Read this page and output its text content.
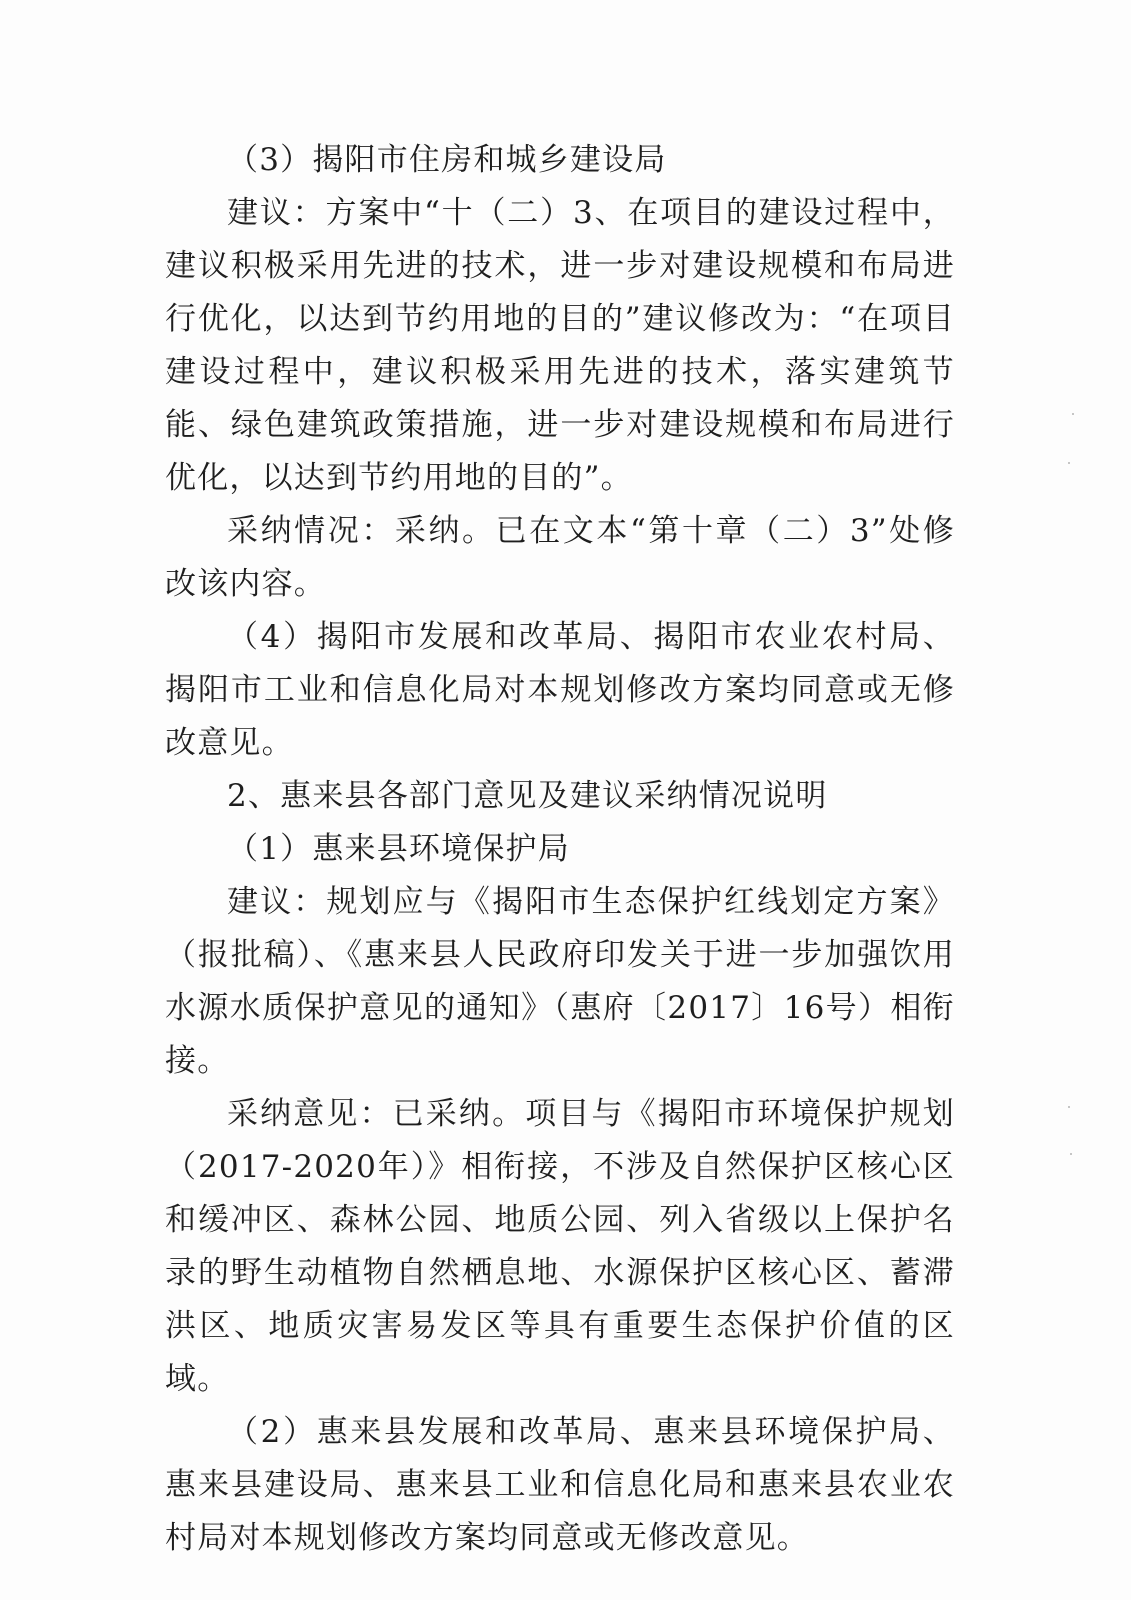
（3）揭阳市住房和城乡建设局

建议：方案中“十（二）3、在项目的建设过程中，建议积极采用先进的技术，进一步对建设规模和布局进行优化，以达到节约用地的目的”建议修改为：“在项目建设过程中，建议积极采用先进的技术，落实建筑节能、绿色建筑政策措施，进一步对建设规模和布局进行优化，以达到节约用地的目的”。

采纳情况：采纳。已在文本“第十章（二）3”处修改该内容。

（4）揭阳市发展和改革局、揭阳市农业农村局、揭阳市工业和信息化局对本规划修改方案均同意或无修改意见。

2、惠来县各部门意见及建议采纳情况说明

（1）惠来县环境保护局

建议：规划应与《揭阳市生态保护红线划定方案》（报批稿）、《惠来县人民政府印发关于进一步加强饮用水源水质保护意见的通知》（惠府〔2017〕16号）相衔接。

采纳意见：已采纳。项目与《揭阳市环境保护规划（2017-2020年）》相衔接，不涉及自然保护区核心区和缓冲区、森林公园、地质公园、列入省级以上保护名录的野生动植物自然栖息地、水源保护区核心区、蓄滞洪区、地质灾害易发区等具有重要生态保护价值的区域。

（2）惠来县发展和改革局、惠来县环境保护局、惠来县建设局、惠来县工业和信息化局和惠来县农业农村局对本规划修改方案均同意或无修改意见。
